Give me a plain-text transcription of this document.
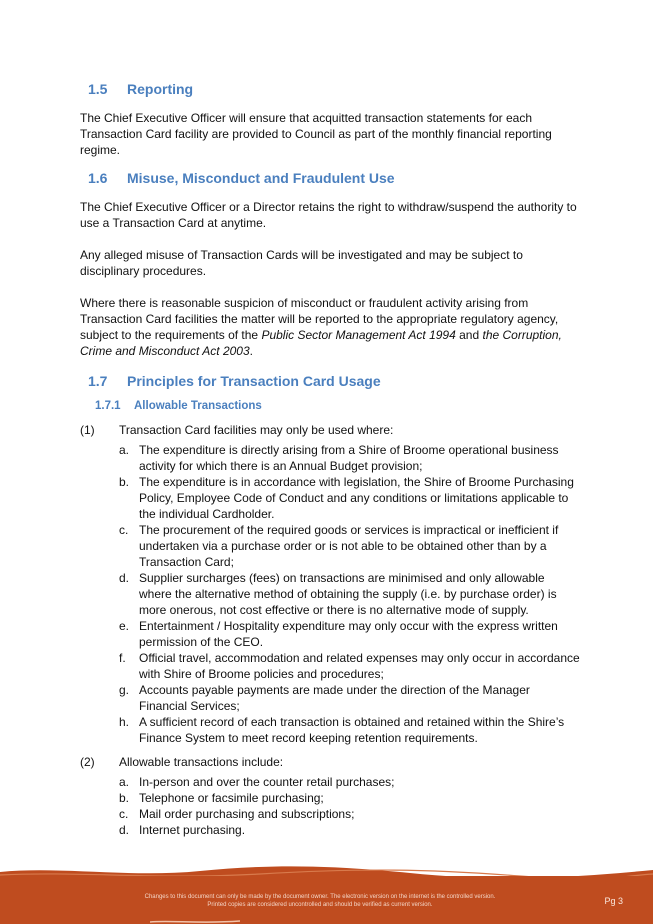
1.5	Reporting

The Chief Executive Officer will ensure that acquitted transaction statements for each Transaction Card facility are provided to Council as part of the monthly financial reporting regime.

1.6	Misuse, Misconduct and Fraudulent Use

The Chief Executive Officer or a Director retains the right to withdraw/suspend the authority to use a Transaction Card at anytime.

Any alleged misuse of Transaction Cards will be investigated and may be subject to disciplinary procedures.

Where there is reasonable suspicion of misconduct or fraudulent activity arising from Transaction Card facilities the matter will be reported to the appropriate regulatory agency, subject to the requirements of the Public Sector Management Act 1994 and the Corruption, Crime and Misconduct Act 2003.

1.7	Principles for Transaction Card Usage
1.7.1	Allowable Transactions
(1)	Transaction Card facilities may only be used where:
a. The expenditure is directly arising from a Shire of Broome operational business activity for which there is an Annual Budget provision;
b. The expenditure is in accordance with legislation, the Shire of Broome Purchasing Policy, Employee Code of Conduct and any conditions or limitations applicable to the individual Cardholder.
c. The procurement of the required goods or services is impractical or inefficient if undertaken via a purchase order or is not able to be obtained other than by a Transaction Card;
d. Supplier surcharges (fees) on transactions are minimised and only allowable where the alternative method of obtaining the supply (i.e. by purchase order) is more onerous, not cost effective or there is no alternative mode of supply.
e. Entertainment / Hospitality expenditure may only occur with the express written permission of the CEO.
f.	Official travel, accommodation and related expenses may only occur in accordance with Shire of Broome policies and procedures;
g. Accounts payable payments are made under the direction of the Manager Financial Services;
h. A sufficient record of each transaction is obtained and retained within the Shire’s Finance System to meet record keeping retention requirements.
(2)	Allowable transactions include:
a. In-person and over the counter retail purchases;
b. Telephone or facsimile purchasing;
c. Mail order purchasing and subscriptions;
d. Internet purchasing.
Changes to this document can only be made by the document owner. The electronic version on the internet is the controlled version.
Printed copies are considered uncontrolled and should be verified as current version.	Pg 3
